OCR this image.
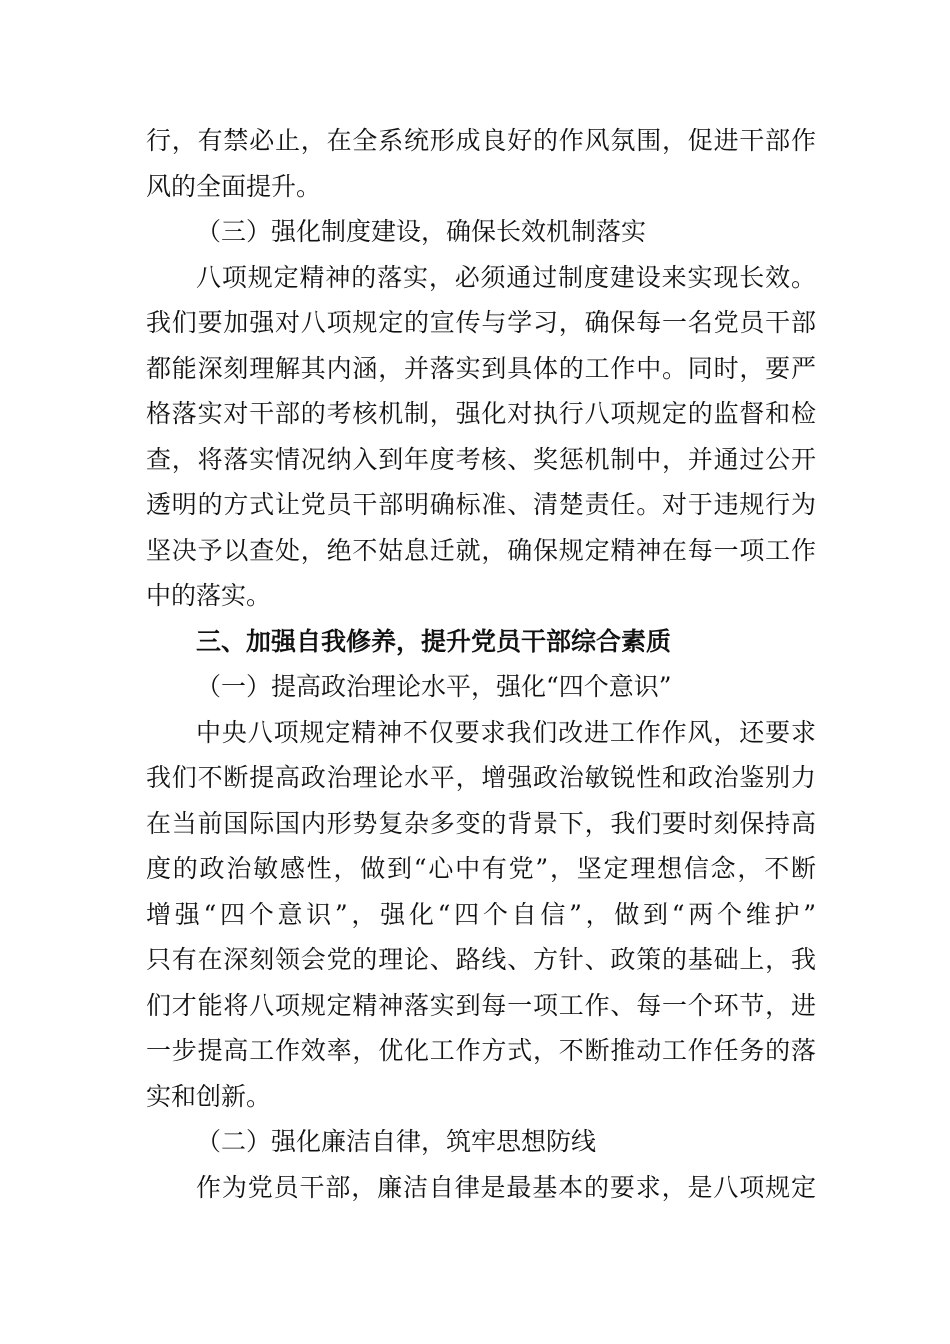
行，有禁必止，在全系统形成良好的作风氛围，促进干部作
风的全面提升。
（三）强化制度建设，确保长效机制落实
八项规定精神的落实，必须通过制度建设来实现长效。
我们要加强对八项规定的宣传与学习，确保每一名党员干部
都能深刻理解其内涵，并落实到具体的工作中。同时，要严
格落实对干部的考核机制，强化对执行八项规定的监督和检
查，将落实情况纳入到年度考核、奖惩机制中，并通过公开
透明的方式让党员干部明确标准、清楚责任。对于违规行为
坚决予以查处，绝不姑息迁就，确保规定精神在每一项工作
中的落实。
三、加强自我修养，提升党员干部综合素质
（一）提高政治理论水平，强化“四个意识”
中央八项规定精神不仅要求我们改进工作作风，还要求
我们不断提高政治理论水平，增强政治敏锐性和政治鉴别力
在当前国际国内形势复杂多变的背景下，我们要时刻保持高
度的政治敏感性，做到“心中有党”，坚定理想信念，不断
增强“四个意识”，强化“四个自信”，做到“两个维护”
只有在深刻领会党的理论、路线、方针、政策的基础上，我
们才能将八项规定精神落实到每一项工作、每一个环节，进
一步提高工作效率，优化工作方式，不断推动工作任务的落
实和创新。
（二）强化廉洁自律，筑牢思想防线
作为党员干部，廉洁自律是最基本的要求，是八项规定
